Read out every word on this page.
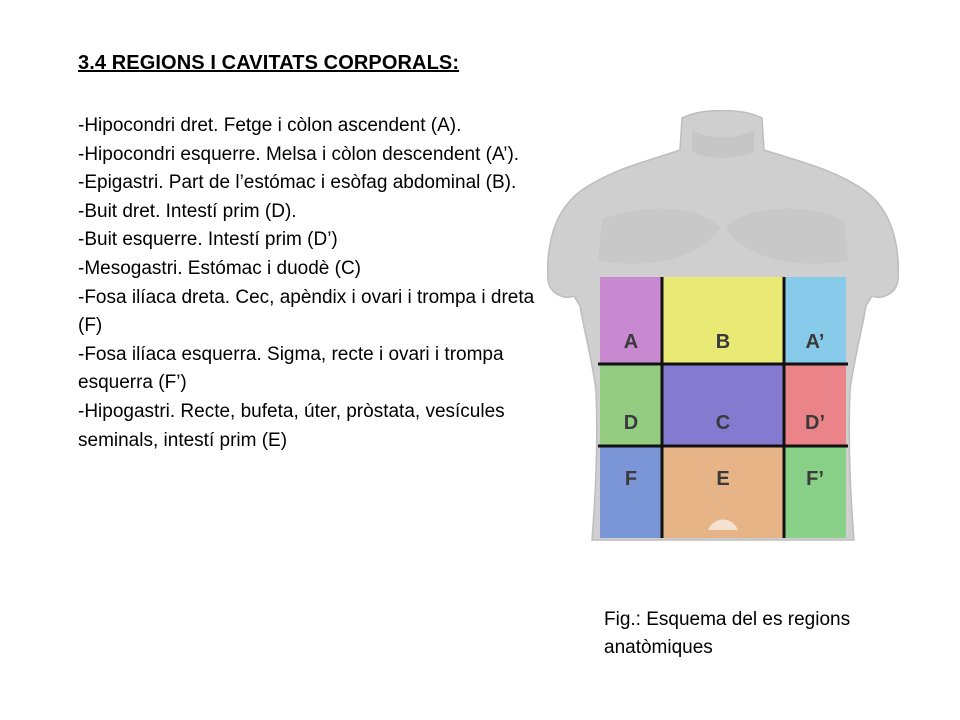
3.4 REGIONS I CAVITATS CORPORALS:
-Hipocondri dret. Fetge i còlon ascendent (A).
-Hipocondri esquerre. Melsa i còlon descendent (A’).
-Epigastri. Part de l’estómac i esòfag abdominal (B).
-Buit dret. Intestí prim (D).
-Buit esquerre. Intestí prim (D’)
-Mesogastri. Estómac i duodè (C)
-Fosa ilíaca dreta. Cec, apèndix i ovari i trompa i dreta (F)
-Fosa ilíaca esquerra. Sigma, recte i ovari i trompa esquerra (F’)
-Hipogastri. Recte, bufeta, úter, pròstata, vesícules seminals, intestí prim (E)
A	B	A’
D	C	D’
F	E	F’

Fig.: Esquema del es regions anatòmiques
